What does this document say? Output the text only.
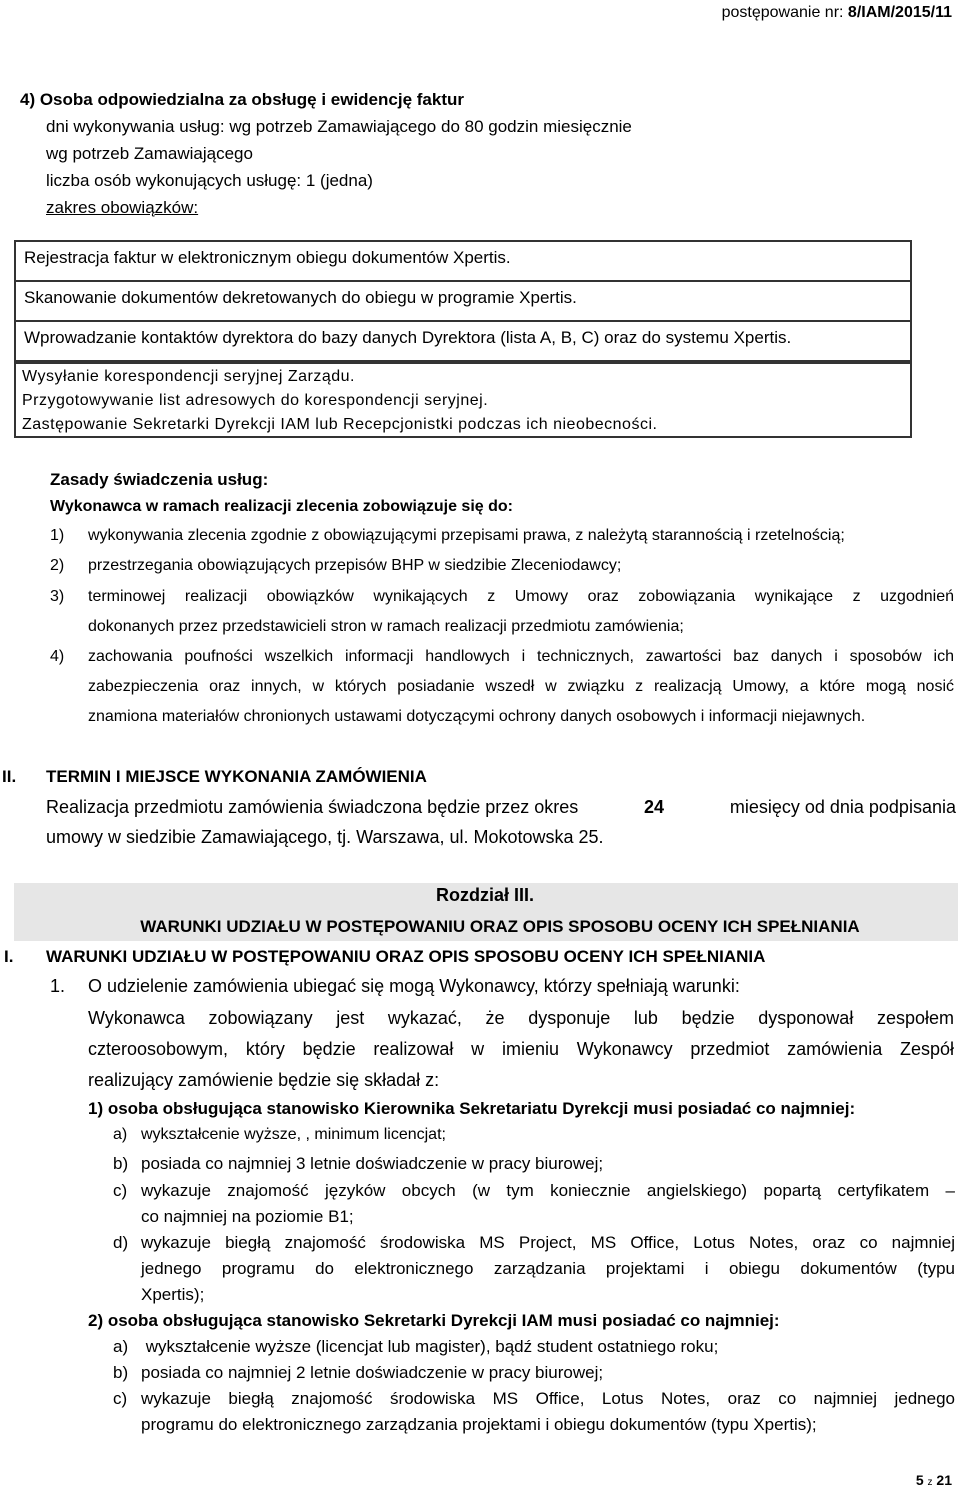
postępowanie nr: 8/IAM/2015/11
4) Osoba odpowiedzialna za obsługę i ewidencję faktur
dni wykonywania usług: wg potrzeb Zamawiającego do 80 godzin miesięcznie
wg potrzeb Zamawiającego
liczba osób wykonujących usługę: 1 (jedna)
zakres obowiązków:
Rejestracja faktur w elektronicznym obiegu dokumentów Xpertis.
Skanowanie dokumentów dekretowanych do obiegu w programie Xpertis.
Wprowadzanie kontaktów dyrektora do bazy danych Dyrektora (lista A, B, C) oraz do systemu Xpertis.
Wysyłanie korespondencji seryjnej Zarządu.
Przygotowywanie list adresowych do korespondencji seryjnej.
Zastępowanie Sekretarki Dyrekcji IAM lub Recepcjonistki podczas ich nieobecności.
Zasady świadczenia usług:
Wykonawca w ramach realizacji zlecenia zobowiązuje się do:
1) wykonywania zlecenia zgodnie z obowiązującymi przepisami prawa, z należytą starannością i rzetelnością;
2) przestrzegania obowiązujących przepisów BHP w siedzibie Zleceniodawcy;
3) terminowej realizacji obowiązków wynikających z Umowy oraz zobowiązania wynikające z uzgodnień
dokonanych przez przedstawicieli stron w ramach realizacji przedmiotu zamówienia;
4) zachowania poufności wszelkich informacji handlowych i technicznych, zawartości baz danych i sposobów ich
zabezpieczenia oraz innych, w których posiadanie wszedł w związku z realizacją Umowy, a które mogą nosić
znamiona materiałów chronionych ustawami dotyczącymi ochrony danych osobowych i informacji niejawnych.
II. TERMIN I MIEJSCE WYKONANIA ZAMÓWIENIA
Realizacja przedmiotu zamówienia świadczona będzie przez okres	24	miesięcy od dnia podpisania
umowy w siedzibie Zamawiającego, tj. Warszawa, ul. Mokotowska 25.
Rozdział III.
WARUNKI UDZIAŁU W POSTĘPOWANIU ORAZ OPIS SPOSOBU OCENY ICH SPEŁNIANIA
I. WARUNKI UDZIAŁU W POSTĘPOWANIU ORAZ OPIS SPOSOBU OCENY ICH SPEŁNIANIA
1. O udzielenie zamówienia ubiegać się mogą Wykonawcy, którzy spełniają warunki:
Wykonawca zobowiązany jest wykazać, że dysponuje lub będzie dysponował zespołem
czteroosobowym, który będzie realizował w imieniu Wykonawcy przedmiot zamówienia Zespół
realizujący zamówienie będzie się składał z:
1) osoba obsługująca stanowisko Kierownika Sekretariatu Dyrekcji musi posiadać co najmniej:
a) wykształcenie wyższe, , minimum licencjat;
b) posiada co najmniej 3 letnie doświadczenie w pracy biurowej;
c) wykazuje znajomość języków obcych (w tym koniecznie angielskiego) popartą certyfikatem –
co najmniej na poziomie B1;
d) wykazuje biegłą znajomość środowiska MS Project, MS Office, Lotus Notes, oraz co najmniej
jednego programu do elektronicznego zarządzania projektami i obiegu dokumentów (typu
Xpertis);
2) osoba obsługująca stanowisko Sekretarki Dyrekcji IAM musi posiadać co najmniej:
a) wykształcenie wyższe (licencjat lub magister), bądź student ostatniego roku;
b) posiada co najmniej 2 letnie doświadczenie w pracy biurowej;
c) wykazuje biegłą znajomość środowiska MS Office, Lotus Notes, oraz co najmniej jednego
programu do elektronicznego zarządzania projektami i obiegu dokumentów (typu Xpertis);
5 z 21
